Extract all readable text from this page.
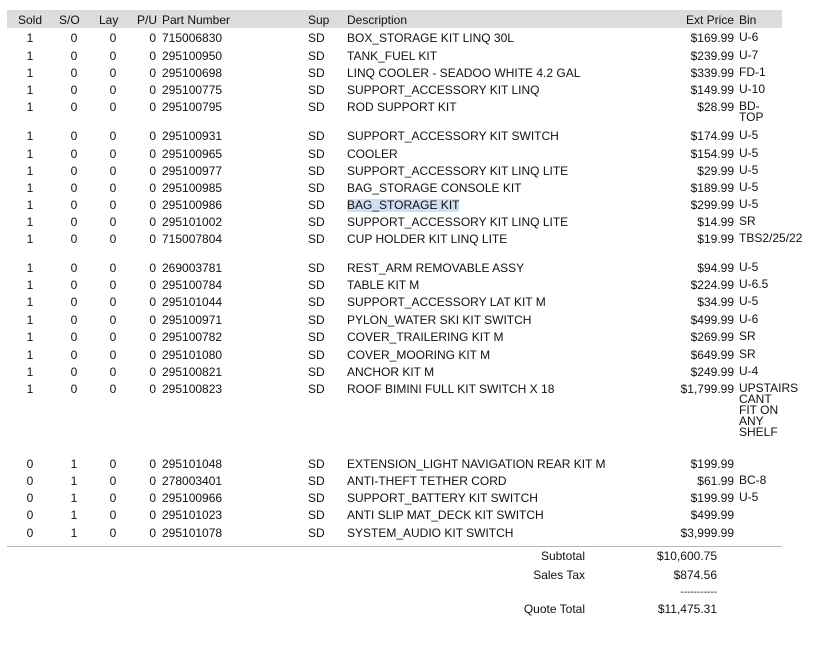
Sold S/O Lay P/U Part Number	Sup Description	Ext Price Bin
1	0	0	0 715006830	SD	BOX_STORAGE KIT LINQ 30L	$169.99 U-6
1	0	0	0 295100950	SD	TANK_FUEL KIT	$239.99 U-7
1	0	0	0 295100698	SD	LINQ COOLER - SEADOO WHITE 4.2 GAL	$339.99 FD-1
1	0	0	0 295100775	SD	SUPPORT_ACCESSORY KIT LINQ	$149.99 U-10
1	0	0	0 295100795	SD	ROD SUPPORT KIT	$28.99 BD-TOP
1	0	0	0 295100931	SD	SUPPORT_ACCESSORY KIT SWITCH	$174.99 U-5
1	0	0	0 295100965	SD	COOLER	$154.99 U-5
1	0	0	0 295100977	SD	SUPPORT_ACCESSORY KIT LINQ LITE	$29.99 U-5
1	0	0	0 295100985	SD	BAG_STORAGE CONSOLE KIT	$189.99 U-5
1	0	0	0 295100986	SD	BAG_STORAGE KIT	$299.99 U-5
1	0	0	0 295101002	SD	SUPPORT_ACCESSORY KIT LINQ LITE	$14.99 SR
1	0	0	0 715007804	SD	CUP HOLDER KIT LINQ LITE	$19.99 TBS2/25/22
1	0	0	0 269003781	SD	REST_ARM REMOVABLE ASSY	$94.99 U-5
1	0	0	0 295100784	SD	TABLE KIT M	$224.99 U-6.5
1	0	0	0 295101044	SD	SUPPORT_ACCESSORY LAT KIT M	$34.99 U-5
1	0	0	0 295100971	SD	PYLON_WATER SKI KIT SWITCH	$499.99 U-6
1	0	0	0 295100782	SD	COVER_TRAILERING KIT M	$269.99 SR
1	0	0	0 295101080	SD	COVER_MOORING KIT M	$649.99 SR
1	0	0	0 295100821	SD	ANCHOR KIT M	$249.99 U-4
1	0	0	0 295100823	SD	ROOF BIMINI FULL KIT SWITCH X 18	$1,799.99 UPSTAIRS CANT FIT ON ANY SHELF
0	1	0	0 295101048	SD	EXTENSION_LIGHT NAVIGATION REAR KIT M	$199.99
0	1	0	0 278003401	SD	ANTI-THEFT TETHER CORD	$61.99 BC-8
0	1	0	0 295100966	SD	SUPPORT_BATTERY KIT SWITCH	$199.99 U-5
0	1	0	0 295101023	SD	ANTI SLIP MAT_DECK KIT SWITCH	$499.99
0	1	0	0 295101078	SD	SYSTEM_AUDIO KIT SWITCH	$3,999.99
Subtotal	$10,600.75
Sales Tax	$874.56
-----------
Quote Total	$11,475.31
